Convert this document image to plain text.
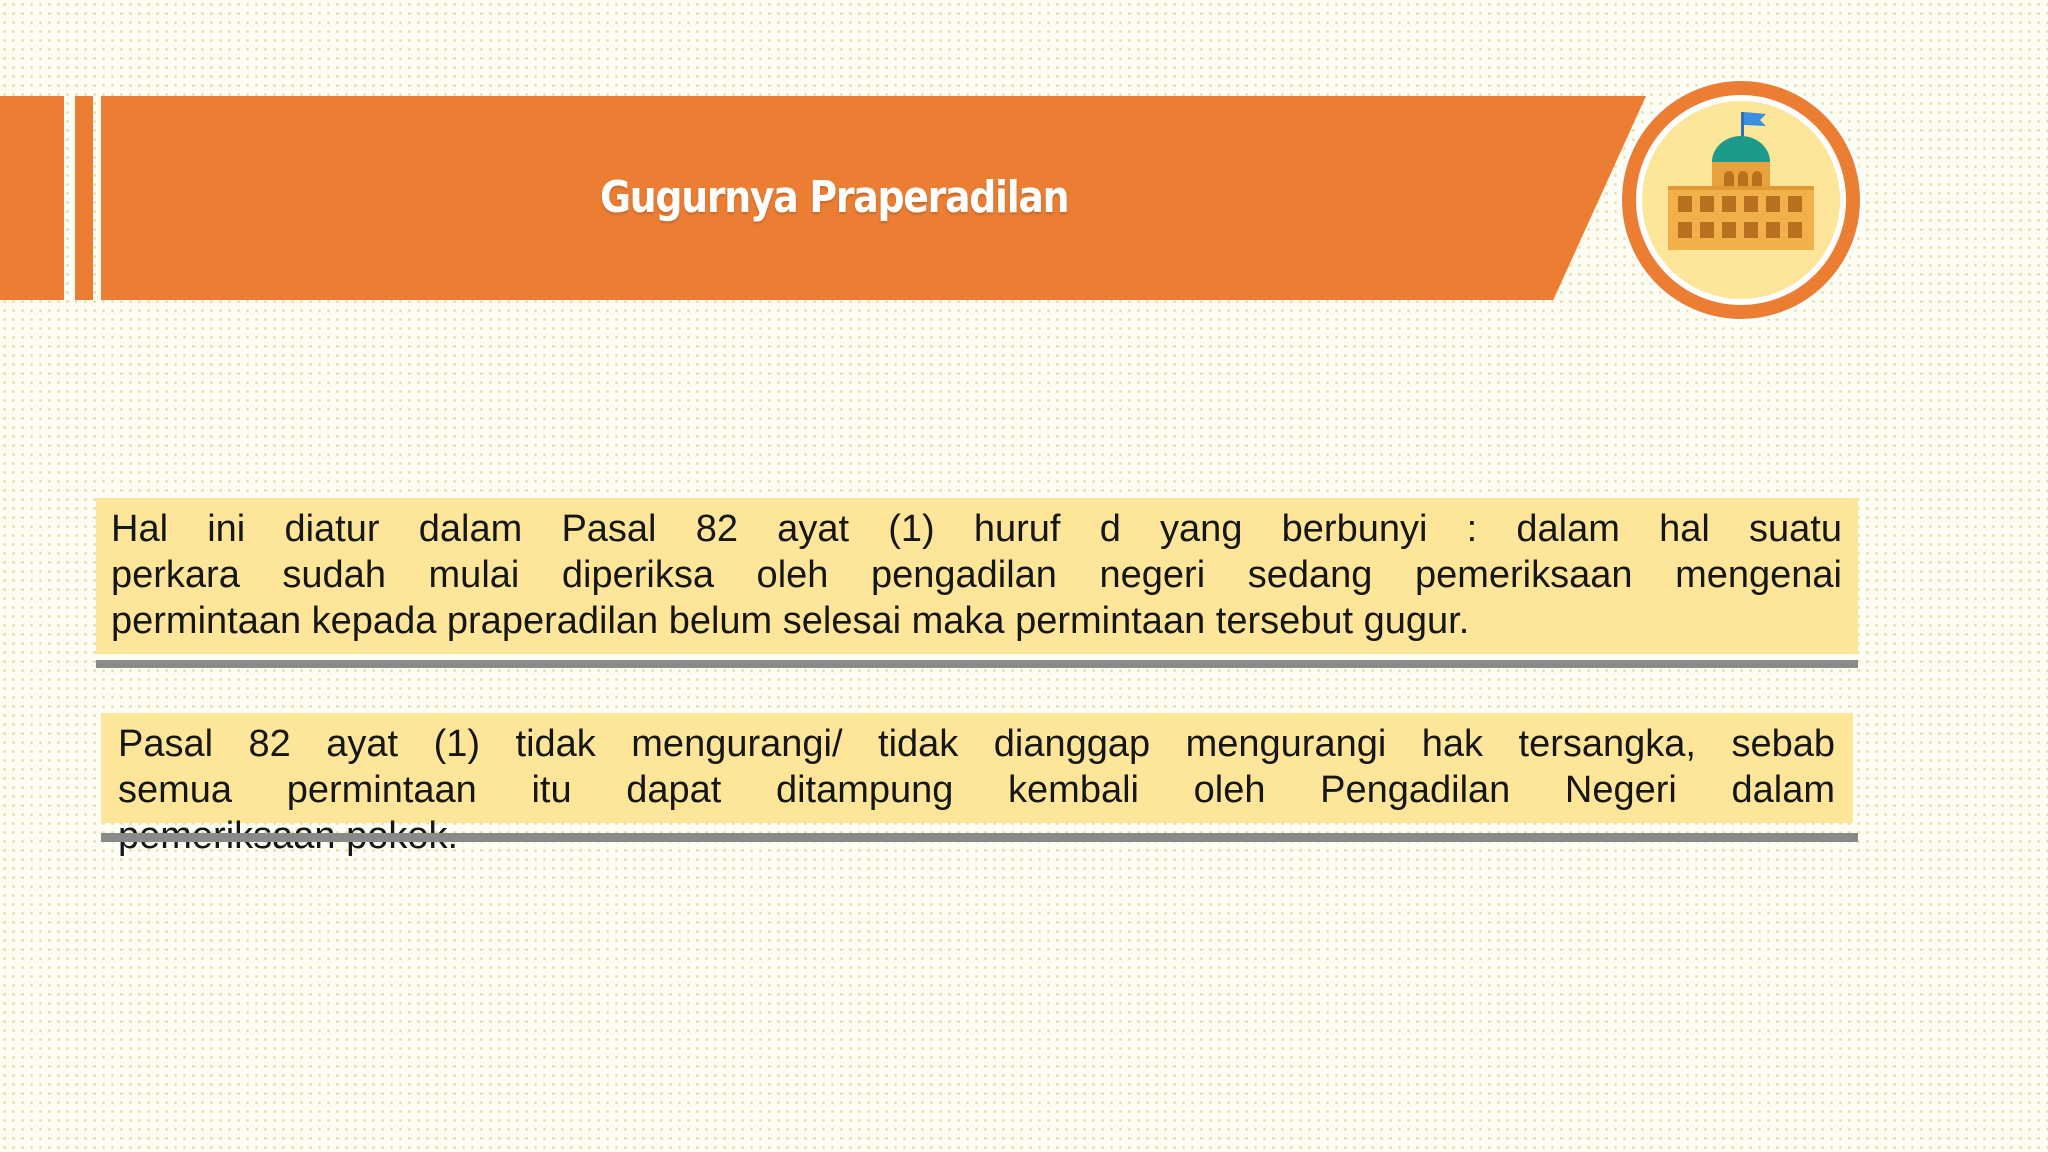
Gugurnya Praperadilan

Hal ini diatur dalam Pasal 82 ayat (1) huruf d yang berbunyi : dalam hal suatu
perkara sudah mulai diperiksa oleh pengadilan negeri sedang pemeriksaan mengenai
permintaan kepada praperadilan belum selesai maka permintaan tersebut gugur.

Pasal 82 ayat (1) tidak mengurangi/ tidak dianggap mengurangi hak tersangka, sebab
semua permintaan itu dapat ditampung kembali oleh Pengadilan Negeri dalam
